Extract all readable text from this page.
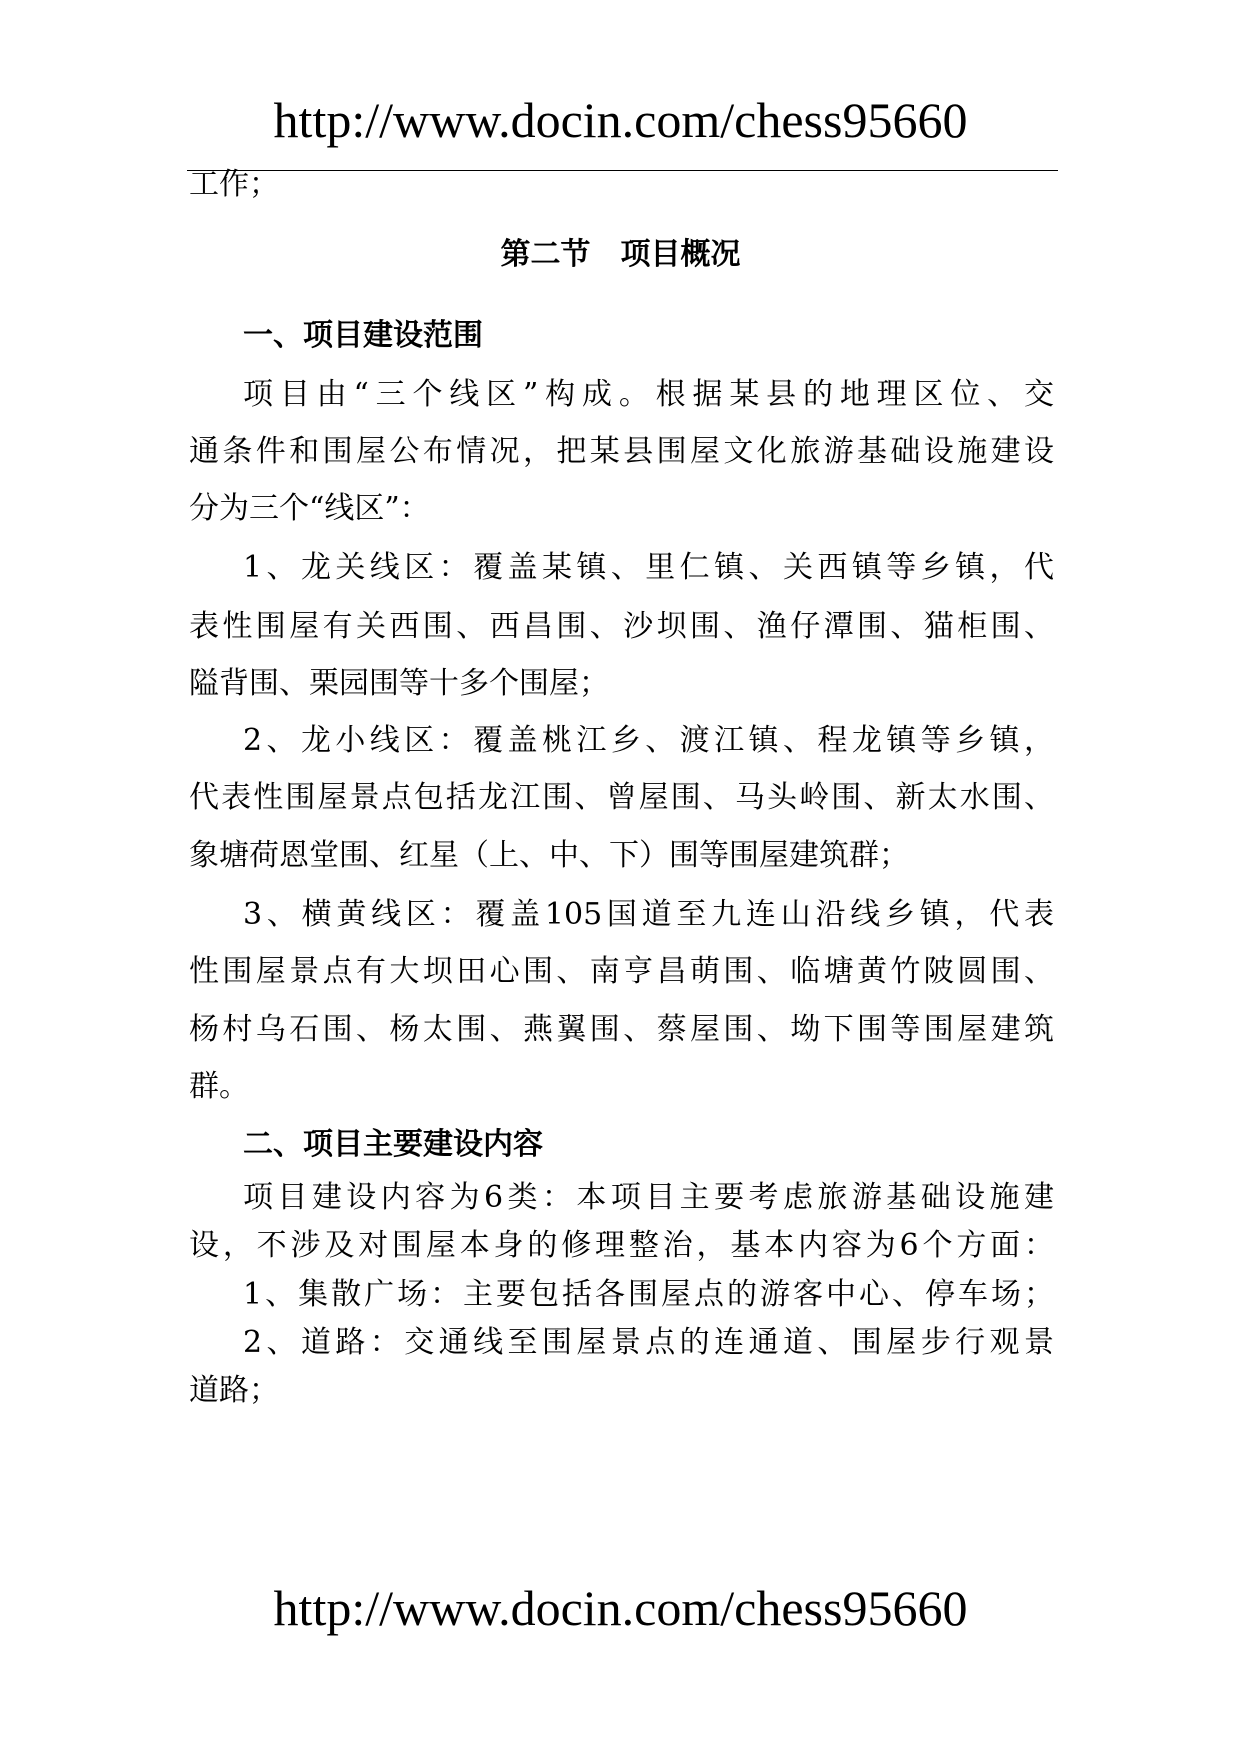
http://www.docin.com/chess95660
工作；
第二节　项目概况
一、项目建设范围
项目由“三个线区”构成。根据某县的地理区位、交
通条件和围屋公布情况，把某县围屋文化旅游基础设施建设
分为三个“线区”：
1、龙关线区：覆盖某镇、里仁镇、关西镇等乡镇，代
表性围屋有关西围、西昌围、沙坝围、渔仔潭围、猫柜围、
隘背围、栗园围等十多个围屋；
2、龙小线区：覆盖桃江乡、渡江镇、程龙镇等乡镇，
代表性围屋景点包括龙江围、曾屋围、马头岭围、新太水围、
象塘荷恩堂围、红星（上、中、下）围等围屋建筑群；
3、横黄线区：覆盖105国道至九连山沿线乡镇，代表
性围屋景点有大坝田心围、南亨昌萌围、临塘黄竹陂圆围、
杨村乌石围、杨太围、燕翼围、蔡屋围、坳下围等围屋建筑
群。
二、项目主要建设内容
项目建设内容为6类：本项目主要考虑旅游基础设施建
设，不涉及对围屋本身的修理整治，基本内容为6个方面：
1、集散广场：主要包括各围屋点的游客中心、停车场；
2、道路：交通线至围屋景点的连通道、围屋步行观景
道路；
http://www.docin.com/chess95660
